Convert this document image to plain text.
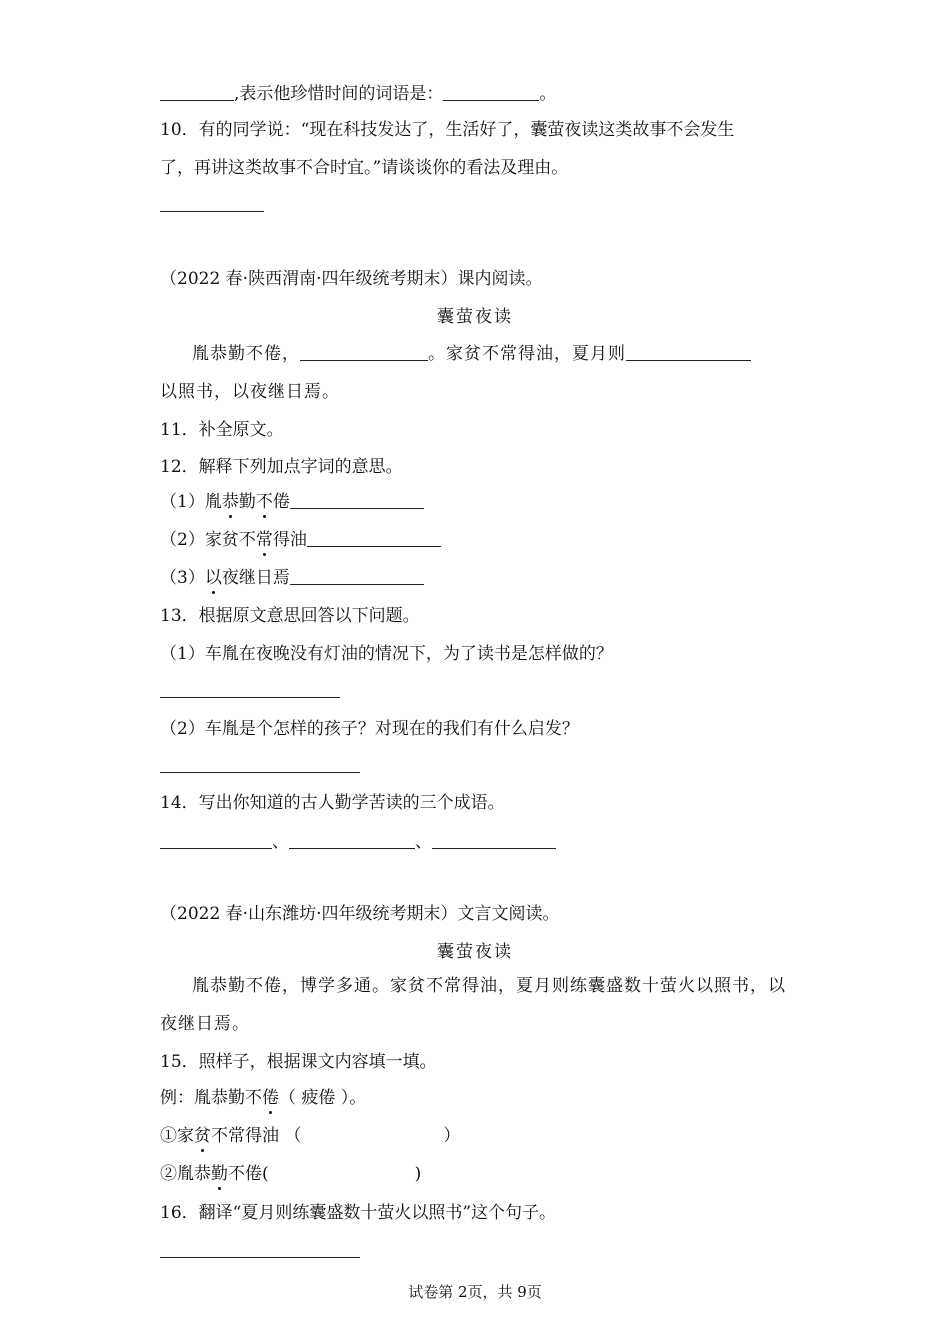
,表示他珍惜时间的词语是：	。
10．有的同学说：“现在科技发达了，生活好了，囊萤夜读这类故事不会发生
了，再讲这类故事不合时宜。”请谈谈你的看法及理由。
（2022 春·陕西渭南·四年级统考期末）课内阅读。
囊萤夜读
胤恭勤不倦，	。家贫不常得油，夏月则
以照书，以夜继日焉。
11．补全原文。
12．解释下列加点字词的意思。
（1）胤恭勤不倦
（2）家贫不常得油
（3）以夜继日焉
13．根据原文意思回答以下问题。
（1）车胤在夜晚没有灯油的情况下，为了读书是怎样做的？
（2）车胤是个怎样的孩子？对现在的我们有什么启发？
14．写出你知道的古人勤学苦读的三个成语。
、	、
（2022 春·山东潍坊·四年级统考期末）文言文阅读。
囊萤夜读
胤恭勤不倦，博学多通。家贫不常得油，夏月则练囊盛数十萤火以照书，以夜继日焉。
15．照样子，根据课文内容填一填。
例：胤恭勤不倦（ 疲倦 ）。
①家贫不常得油 （	）
②胤恭勤不倦(	)
16．翻译“夏月则练囊盛数十萤火以照书”这个句子。
试卷第 2页，共 9页
